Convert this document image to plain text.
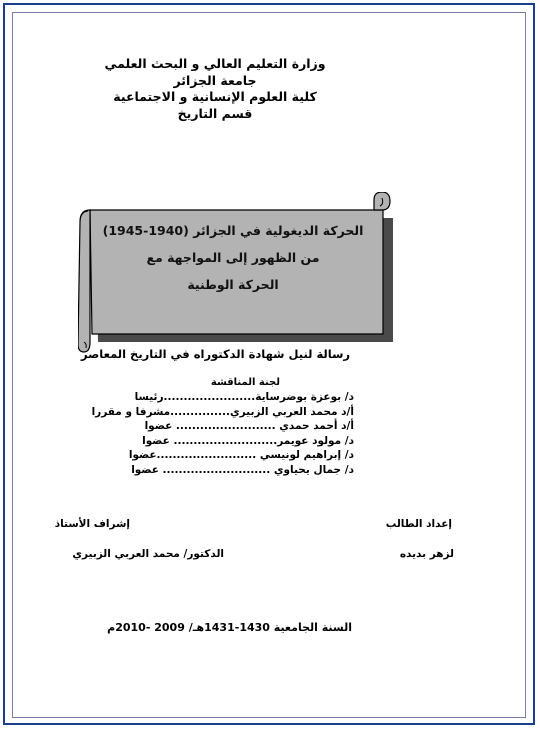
وزارة التعليم العالي و البحث العلمي
جامعة الجزائر
كلية العلوم الإنسانية و الاجتماعية
قسم التاريخ
الحركة الديغولية في الجزائر (1940-1945)
من الظهور إلى المواجهة مع
الحركة الوطنية
رسالة لنيل شهادة الدكتوراه في التاريخ المعاصر
لجنة المناقشة
د/ بوعزة بوضرساية.......................رئيسا
أ/د محمد العربي الزبيري...............مشرفا و مقررا
أ/د أحمد حمدي ......................... عضوا
د/ مولود عويمر.......................... عضوا
د/ إبراهيم لونيسي .........................عضوا
د/ جمال يحياوي ........................... عضوا
إعداد الطالب
إشراف الأستاذ
لزهر بديده
الدكتور/ محمد العربي الزبيري
السنة الجامعية 1430-1431هـ/ 2009 -2010م
